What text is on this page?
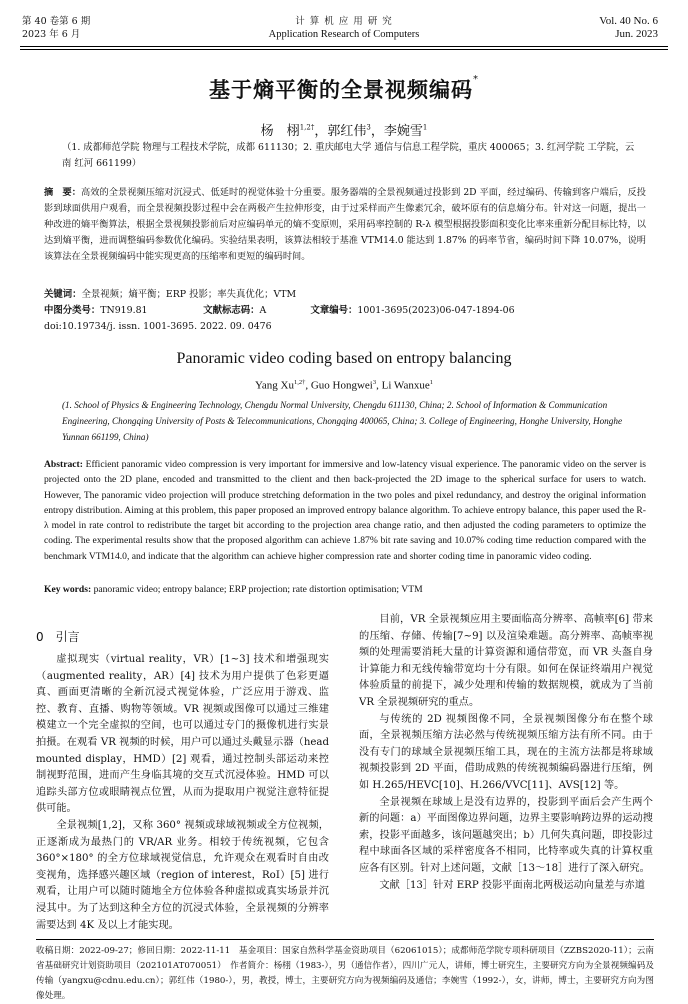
第 40 卷第 6 期
2023 年 6 月
计 算 机 应 用 研 究
Application Research of Computers
Vol. 40 No. 6
Jun. 2023
基于熵平衡的全景视频编码*
杨　栩$^{1,2\dagger}$，郭红伟$^3$，李婉雪$^1$
（1. 成都师范学院 物理与工程技术学院，成都 611130；2. 重庆邮电大学 通信与信息工程学院，重庆 400065；3. 红河学院 工学院，云南 红河 661199）
摘　要：高效的全景视频压缩对沉浸式、低延时的视觉体验十分重要。服务器端的全景视频通过投影到 2D 平面，经过编码、传输到客户端后，反投影到球面供用户观看，而全景视频投影过程中会在两极产生拉伸形变，由于过采样而产生像素冗余，破坏原有的信息熵分布。针对这一问题，提出一种改进的熵平衡算法，根据全景视频投影前后对应编码单元的熵不变原则，采用码率控制的 R-λ 模型根据投影面积变化比率来重新分配目标比特，以达到熵平衡，进而调整编码参数优化编码。实验结果表明，该算法相较于基准 VTM14.0 能达到 1.87% 的码率节省，编码时间下降 10.07%，说明该算法在全景视频编码中能实现更高的压缩率和更短的编码时间。
关键词：全景视频；熵平衡；ERP 投影；率失真优化；VTM
中图分类号：TN919.81	文献标志码：A	文章编号：1001-3695(2023)06-047-1894-06
doi:10.19734/j. issn. 1001-3695. 2022. 09. 0476
Panoramic video coding based on entropy balancing
Yang $Xu^{1,2\dagger}$, Guo Hongwei$^3$, Li Wanxue$^1$
(1. School of Physics & Engineering Technology, Chengdu Normal University, Chengdu 611130, China; 2. School of Information & Communication Engineering, Chongqing University of Posts & Telecommunications, Chongqing 400065, China; 3. College of Engineering, Honghe University, Honghe Yunnan 661199, China)
Abstract: Efficient panoramic video compression is very important for immersive and low-latency visual experience. The panoramic video on the server is projected onto the 2D plane, encoded and transmitted to the client and then back-projected the 2D image to the spherical surface for users to watch. However, The panoramic video projection will produce stretching deformation in the two poles and pixel redundancy, and destroy the original information entropy distribution. Aiming at this problem, this paper proposed an improved entropy balance algorithm. To achieve entropy balance, this paper used the R-λ model in rate control to redistribute the target bit according to the projection area change ratio, and then adjusted the coding parameters to optimize the coding. The experimental results show that the proposed algorithm can achieve 1.87% bit rate saving and 10.07% coding time reduction compared with the benchmark VTM14.0, and indicate that the algorithm can achieve higher compression rate and shorter coding time in panoramic video coding.
Key words: panoramic video; entropy balance; ERP projection; rate distortion optimisation; VTM
0　引言

虚拟现实（virtual reality，VR）[1~3] 技术和增强现实（augmented reality，AR）[4] 技术为用户提供了色彩更逼真、画面更清晰的全新沉浸式视觉体验，广泛应用于游戏、监控、教育、直播、购物等领域。VR 视频或图像可以通过三维建模建立一个完全虚拟的空间，也可以通过专门的摄像机进行实景拍摄。在观看 VR 视频的时候，用户可以通过头戴显示器（head mounted display，HMD）[2] 观看，通过控制头部运动来控制视野范围，进而产生身临其境的交互式沉浸体验。HMD 可以追踪头部方位或眼睛视点位置，从而为提取用户视觉注意特征提供可能。

全景视频[1,2]，又称 360° 视频或球域视频或全方位视频，正逐渐成为最热门的 VR/AR 业务。相较于传统视频，它包含 360°×180° 的全方位球域视觉信息，允许观众在观看时自由改变视角，选择感兴趣区域（region of interest，RoI）[5] 进行观看，让用户可以随时随地全方位体验各种虚拟或真实场景并沉浸其中。为了达到这种全方位的沉浸式体验，全景视频的分辨率需要达到 4K 及以上才能实现。

目前，VR 全景视频应用主要面临高分辨率、高帧率[6] 带来的压缩、存储、传输[7~9] 以及渲染难题。高分辨率、高帧率视频的处理需要消耗大量的计算资源和通信带宽，而 VR 头盔自身计算能力和无线传输带宽均十分有限。如何在保证终端用户视觉体验质量的前提下，减少处理和传输的数据规模，就成为了当前 VR 全景视频研究的重点。

与传统的 2D 视频图像不同，全景视频图像分布在整个球面，全景视频压缩方法必然与传统视频压缩方法有所不同。由于没有专门的球域全景视频压缩工具，现在的主流方法都是将球域视频投影到 2D 平面，借助成熟的传统视频编码器进行压缩，例如 H.265/HEVC[10]、H.266/VVC[11]、AVS[12] 等。

全景视频在球域上是没有边界的，投影到平面后会产生两个新的问题：a）平面图像边界问题，边界主要影响跨边界的运动搜索，投影平面越多，该问题越突出；b）几何失真问题，即投影过程中球面各区域的采样密度各不相同，比特率或失真的计算权重应各有区别。针对上述问题，文献［13～18］进行了深入研究。

文献［13］针对 ERP 投影平面南北两极运动向量差与赤道

收稿日期：2022-09-27；修回日期：2022-11-11　基金项目：国家自然科学基金资助项目（62061015）；成都师范学院专项科研项目（ZZBS2020-11）；云南省基础研究计划资助项目（202101AT070051）　作者简介：杨栩（1983-），男（通信作者），四川广元人，讲师，博士研究生，主要研究方向为全景视频编码及传输（yangxu@cdnu.edu.cn）；郭红伟（1980-），男，教授，博士，主要研究方向为视频编码及通信；李婉雪（1992-），女，讲师，博士，主要研究方向为图像处理。
